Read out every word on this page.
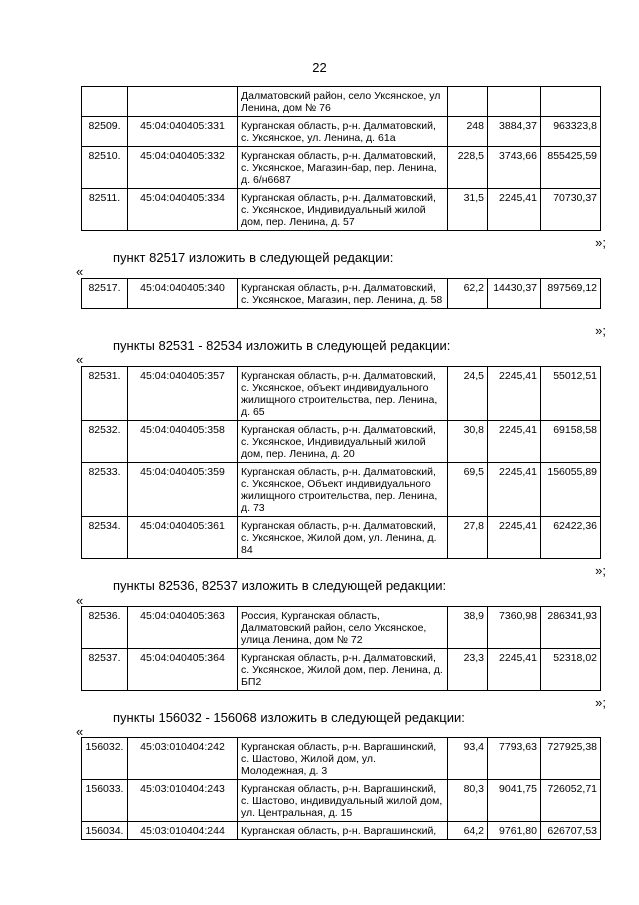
22
		Далматовский район, село Уксянское, ул Ленина, дом № 76			
82509.	45:04:040405:331	Курганская область, р-н. Далматовский, с. Уксянское, ул. Ленина, д. 61а	248	3884,37	963323,8
82510.	45:04:040405:332	Курганская область, р-н. Далматовский, с. Уксянское, Магазин-бар, пер. Ленина, д. 6/н6687	228,5	3743,66	855425,59
82511.	45:04:040405:334	Курганская область, р-н. Далматовский, с. Уксянское, Индивидуальный жилой дом, пер. Ленина, д. 57	31,5	2245,41	70730,37
»;
пункт 82517 изложить в следующей редакции:
«
82517.	45:04:040405:340	Курганская область, р-н. Далматовский, с. Уксянское, Магазин, пер. Ленина, д. 58	62,2	14430,37	897569,12
»;
пункты 82531 - 82534 изложить в следующей редакции:
«
82531.	45:04:040405:357	Курганская область, р-н. Далматовский, с. Уксянское, объект индивидуального жилищного строительства, пер. Ленина, д. 65	24,5	2245,41	55012,51
82532.	45:04:040405:358	Курганская область, р-н. Далматовский, с. Уксянское, Индивидуальный жилой дом, пер. Ленина, д. 20	30,8	2245,41	69158,58
82533.	45:04:040405:359	Курганская область, р-н. Далматовский, с. Уксянское, Объект индивидуального жилищного строительства, пер. Ленина, д. 73	69,5	2245,41	156055,89
82534.	45:04:040405:361	Курганская область, р-н. Далматовский, с. Уксянское, Жилой дом, ул. Ленина, д. 84	27,8	2245,41	62422,36
»;
пункты 82536, 82537 изложить в следующей редакции:
«
82536.	45:04:040405:363	Россия, Курганская область, Далматовский район, село Уксянское, улица Ленина, дом № 72	38,9	7360,98	286341,93
82537.	45:04:040405:364	Курганская область, р-н. Далматовский, с. Уксянское, Жилой дом, пер. Ленина, д. БП2	23,3	2245,41	52318,02
»;
пункты 156032 - 156068 изложить в следующей редакции:
«
156032.	45:03:010404:242	Курганская область, р-н. Варгашинский, с. Шастово, Жилой дом, ул. Молодежная, д. 3	93,4	7793,63	727925,38
156033.	45:03:010404:243	Курганская область, р-н. Варгашинский, с. Шастово, индивидуальный жилой дом, ул. Центральная, д. 15	80,3	9041,75	726052,71
156034.	45:03:010404:244	Курганская область, р-н. Варгашинский,	64,2	9761,80	626707,53
